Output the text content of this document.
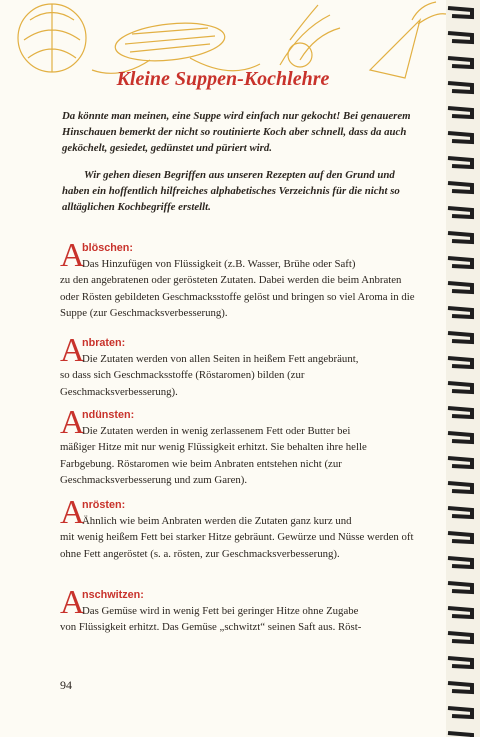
Kleine Suppen-Kochlehre
Da könnte man meinen, eine Suppe wird einfach nur gekocht! Bei genauerem Hinschauen bemerkt der nicht so routinierte Koch aber schnell, dass da auch geköchelt, gesiedet, gedünstet und püriert wird.
Wir gehen diesen Begriffen aus unseren Rezepten auf den Grund und haben ein hoffentlich hilfreiches alphabetisches Verzeichnis für die nicht so alltäglichen Kochbegriffe erstellt.
A
blöschen:
Das Hinzufügen von Flüssigkeit (z.B. Wasser, Brühe oder Saft)
zu den angebratenen oder gerösteten Zutaten. Dabei werden die beim Anbraten oder Rösten gebildeten Geschmacksstoffe gelöst und bringen so viel Aroma in die Suppe (zur Geschmacksverbesserung).
A
nbraten:
Die Zutaten werden von allen Seiten in heißem Fett angebräunt,
so dass sich Geschmacksstoffe (Röstaromen) bilden (zur Geschmacksverbesserung).
A
ndünsten:
Die Zutaten werden in wenig zerlassenem Fett oder Butter bei
mäßiger Hitze mit nur wenig Flüssigkeit erhitzt. Sie behalten ihre helle Farbgebung. Röstaromen wie beim Anbraten entstehen nicht (zur Geschmacksverbesserung und zum Garen).
A
nrösten:
Ähnlich wie beim Anbraten werden die Zutaten ganz kurz und
mit wenig heißem Fett bei starker Hitze gebräunt. Gewürze und Nüsse werden oft ohne Fett angeröstet (s. a. rösten, zur Geschmacksverbesserung).
A
nschwitzen:
Das Gemüse wird in wenig Fett bei geringer Hitze ohne Zugabe
von Flüssigkeit erhitzt. Das Gemüse „schwitzt“ seinen Saft aus. Röst-
94
